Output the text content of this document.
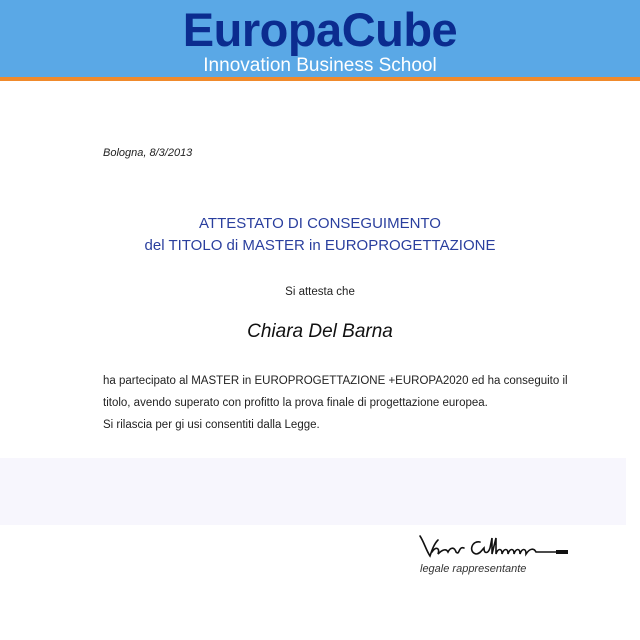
EuropaCube
Innovation Business School
Bologna, 8/3/2013
ATTESTATO DI CONSEGUIMENTO
del TITOLO di MASTER in EUROPROGETTAZIONE
Si attesta che
Chiara Del Barna

ha partecipato al MASTER in EUROPROGETTAZIONE +EUROPA2020 ed ha conseguito il titolo, avendo superato con profitto la prova finale di progettazione europea.

Si rilascia per gi usi consentiti dalla Legge.

legale rappresentante
